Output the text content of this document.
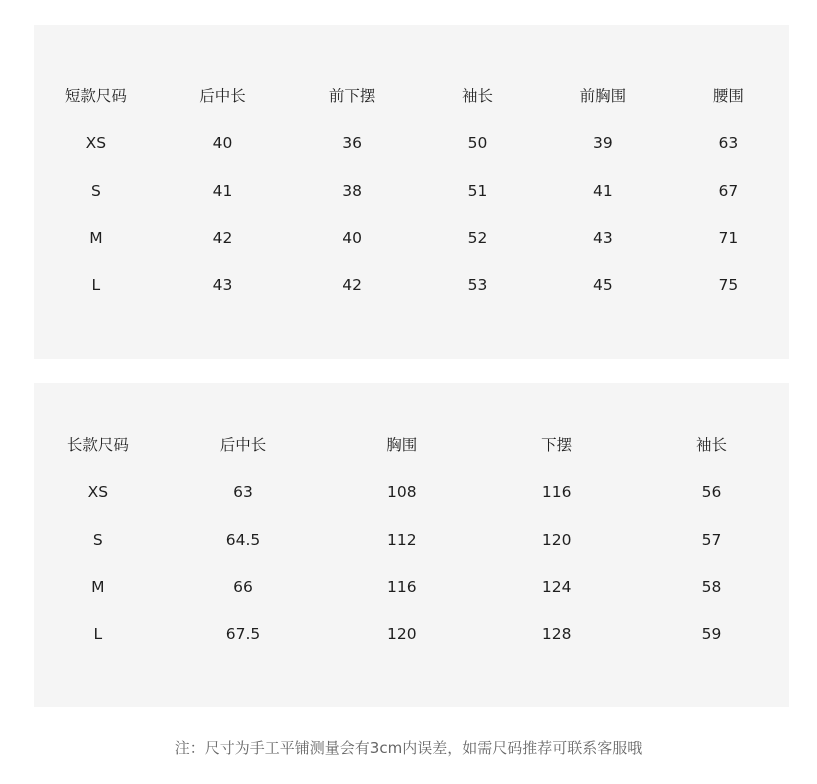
短款尺码	后中长	前下摆	袖长	前胸围	腰围
XS	40	36	50	39	63
S	41	38	51	41	67
M	42	40	52	43	71
L	43	42	53	45	75
长款尺码	后中长	胸围	下摆	袖长
XS	63	108	116	56
S	64.5	112	120	57
M	66	116	124	58
L	67.5	120	128	59
注：尺寸为手工平铺测量会有3cm内误差，如需尺码推荐可联系客服哦
